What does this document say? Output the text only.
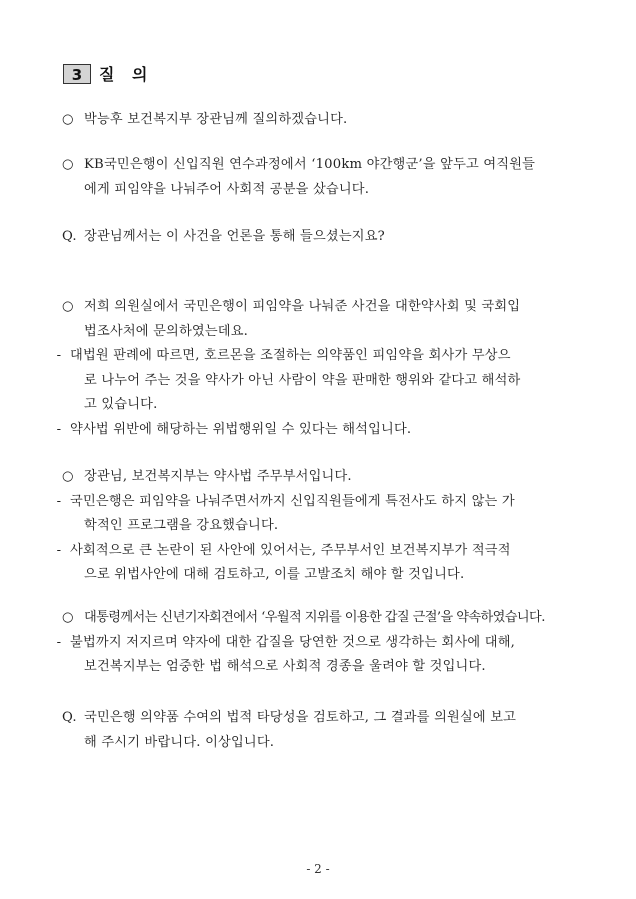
3	질 의
○ 박능후 보건복지부 장관님께 질의하겠습니다.
○ KB국민은행이 신입직원 연수과정에서 ‘100km 야간행군’을 앞두고 여직원들
에게 피임약을 나눠주어 사회적 공분을 샀습니다.
Q. 장관님께서는 이 사건을 언론을 통해 들으셨는지요?
○ 저희 의원실에서 국민은행이 피임약을 나눠준 사건을 대한약사회 및 국회입
법조사처에 문의하였는데요.
- 대법원 판례에 따르면, 호르몬을 조절하는 의약품인 피임약을 회사가 무상으
로 나누어 주는 것을 약사가 아닌 사람이 약을 판매한 행위와 같다고 해석하
고 있습니다.
- 약사법 위반에 해당하는 위법행위일 수 있다는 해석입니다.
○ 장관님, 보건복지부는 약사법 주무부서입니다.
- 국민은행은 피임약을 나눠주면서까지 신입직원들에게 특전사도 하지 않는 가
학적인 프로그램을 강요했습니다.
- 사회적으로 큰 논란이 된 사안에 있어서는, 주무부서인 보건복지부가 적극적
으로 위법사안에 대해 검토하고, 이를 고발조치 해야 할 것입니다.
○ 대통령께서는 신년기자회견에서 ‘우월적 지위를 이용한 갑질 근절’을 약속하였습니다.
- 불법까지 저지르며 약자에 대한 갑질을 당연한 것으로 생각하는 회사에 대해,
보건복지부는 엄중한 법 해석으로 사회적 경종을 울려야 할 것입니다.
Q. 국민은행 의약품 수여의 법적 타당성을 검토하고, 그 결과를 의원실에 보고
해 주시기 바랍니다. 이상입니다.
- 2 -
